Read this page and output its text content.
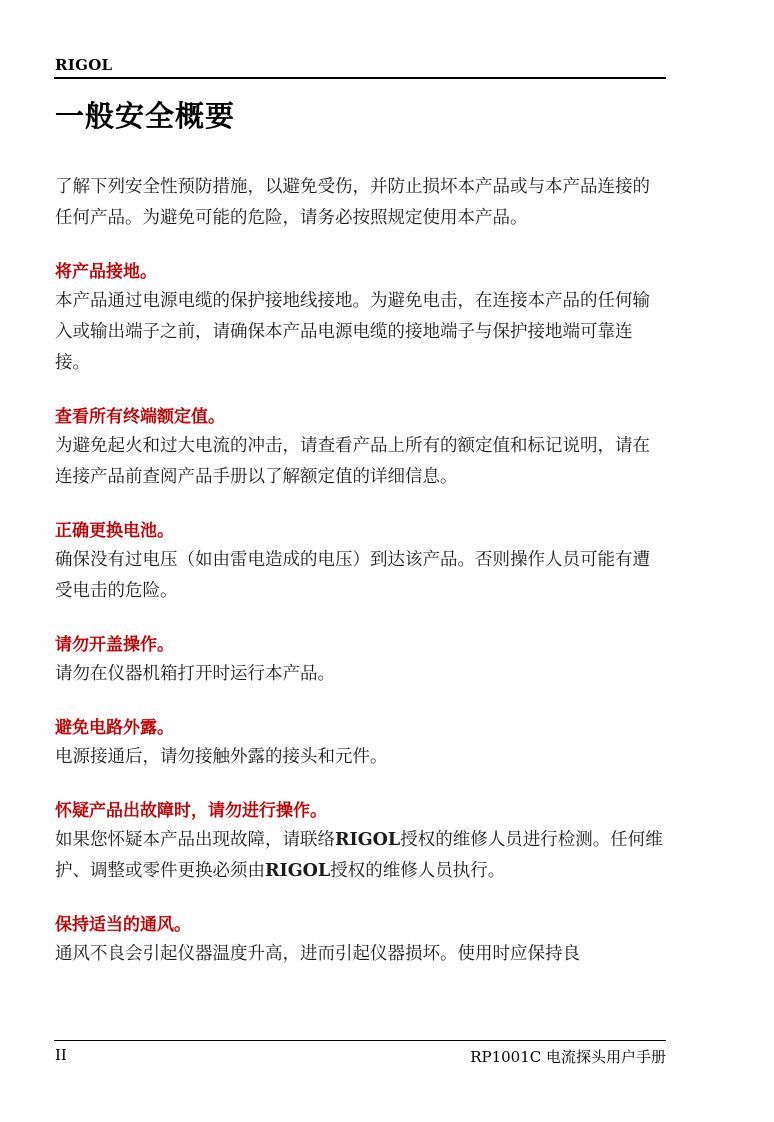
RIGOL
一般安全概要

了解下列安全性预防措施，以避免受伤，并防止损坏本产品或与本产品连接的任何产品。为避免可能的危险，请务必按照规定使用本产品。

将产品接地。

本产品通过电源电缆的保护接地线接地。为避免电击，在连接本产品的任何输入或输出端子之前，请确保本产品电源电缆的接地端子与保护接地端可靠连接。

查看所有终端额定值。

为避免起火和过大电流的冲击，请查看产品上所有的额定值和标记说明，请在连接产品前查阅产品手册以了解额定值的详细信息。

正确更换电池。

确保没有过电压（如由雷电造成的电压）到达该产品。否则操作人员可能有遭受电击的危险。

请勿开盖操作。

请勿在仪器机箱打开时运行本产品。

避免电路外露。

电源接通后，请勿接触外露的接头和元件。

怀疑产品出故障时，请勿进行操作。

如果您怀疑本产品出现故障，请联络RIGOL授权的维修人员进行检测。任何维护、调整或零件更换必须由RIGOL授权的维修人员执行。

保持适当的通风。

通风不良会引起仪器温度升高，进而引起仪器损坏。使用时应保持良

II	RP1001C 电流探头用户手册
